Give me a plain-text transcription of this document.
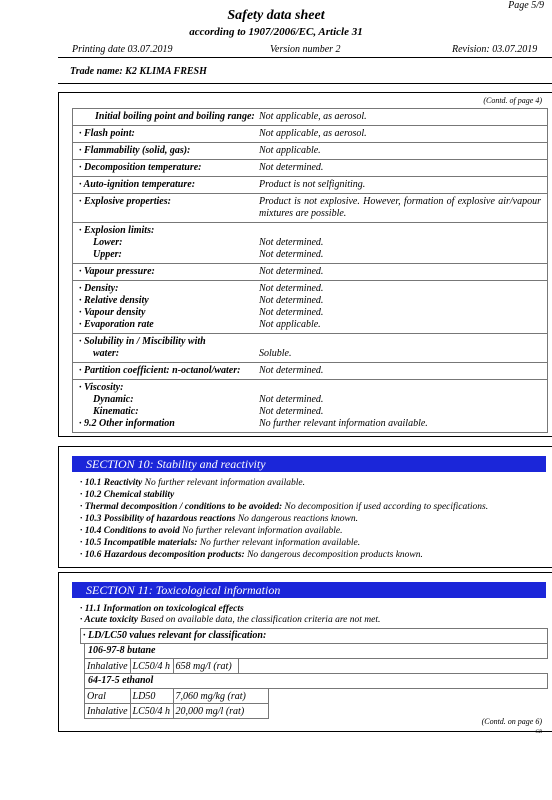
Page 5/9
Safety data sheet
according to 1907/2006/EC, Article 31
Printing date 03.07.2019	Version number 2	Revision: 03.07.2019
Trade name: K2 KLIMA FRESH
(Contd. of page 4)
Initial boiling point and boiling range: Not applicable, as aerosol.
· Flash point:	Not applicable, as aerosol.
· Flammability (solid, gas):	Not applicable.
· Decomposition temperature:	Not determined.
· Auto-ignition temperature:	Product is not selfigniting.
· Explosive properties:	Product is not explosive. However, formation of explosive air/vapour mixtures are possible.
· Explosion limits:
Lower:	Not determined.
Upper:	Not determined.
· Vapour pressure:	Not determined.
· Density:	Not determined.
· Relative density	Not determined.
· Vapour density	Not determined.
· Evaporation rate	Not applicable.
· Solubility in / Miscibility with
water:	Soluble.
· Partition coefficient: n-octanol/water: Not determined.
· Viscosity:
Dynamic:	Not determined.
Kinematic:	Not determined.
· 9.2 Other information	No further relevant information available.
SECTION 10: Stability and reactivity
· 10.1 Reactivity No further relevant information available.
· 10.2 Chemical stability
· Thermal decomposition / conditions to be avoided: No decomposition if used according to specifications.
· 10.3 Possibility of hazardous reactions No dangerous reactions known.
· 10.4 Conditions to avoid No further relevant information available.
· 10.5 Incompatible materials: No further relevant information available.
· 10.6 Hazardous decomposition products: No dangerous decomposition products known.
SECTION 11: Toxicological information
· 11.1 Information on toxicological effects
· Acute toxicity Based on available data, the classification criteria are not met.
· LD/LC50 values relevant for classification:
106-97-8 butane
Inhalative	LC50/4 h	658 mg/l (rat)
64-17-5 ethanol
Oral	LD50	7,060 mg/kg (rat)
Inhalative	LC50/4 h	20,000 mg/l (rat)
(Contd. on page 6)
GB
